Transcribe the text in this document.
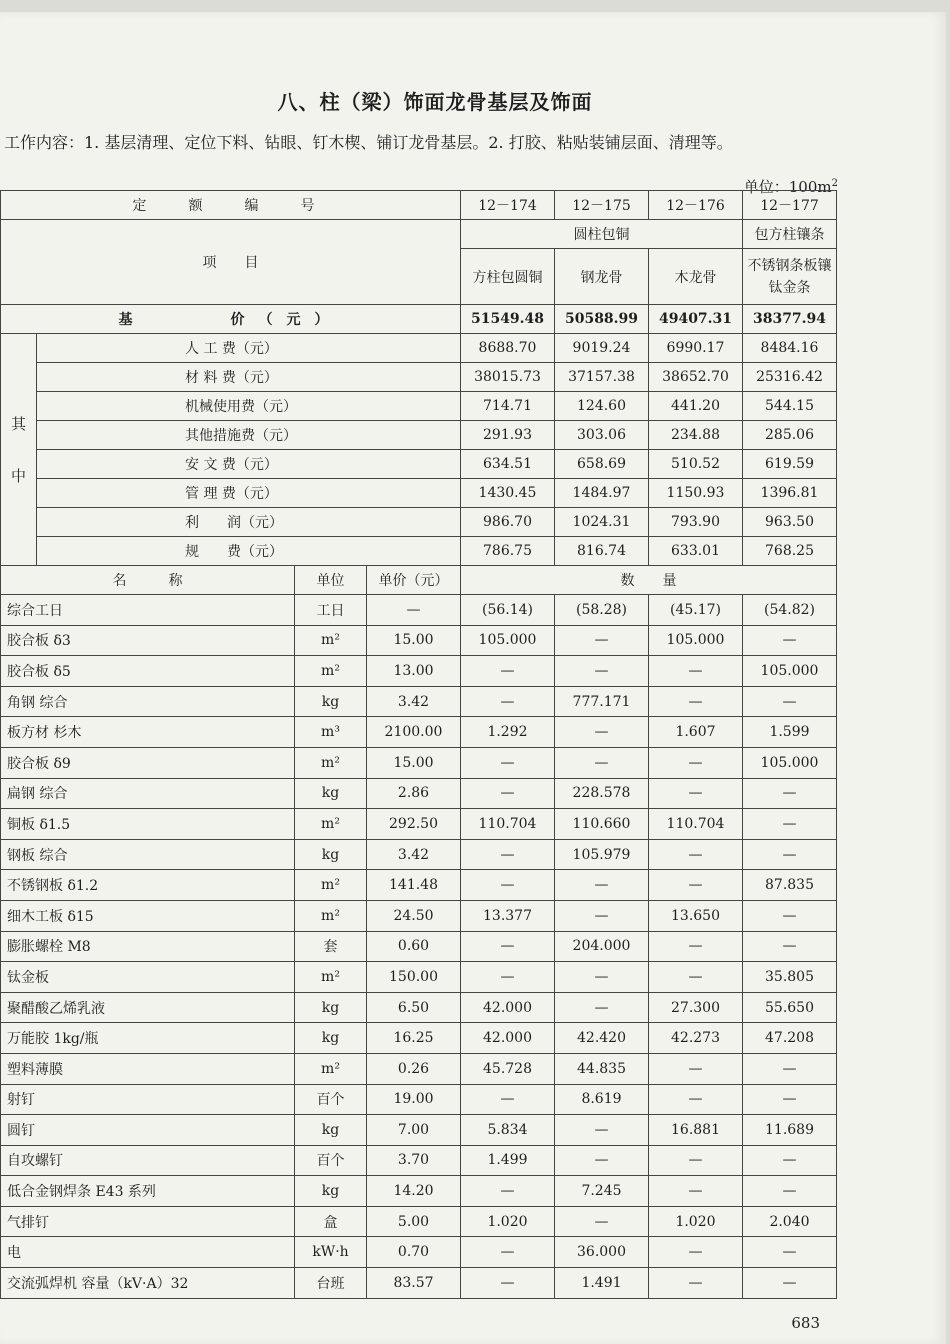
八、柱（梁）饰面龙骨基层及饰面
工作内容：1. 基层清理、定位下料、钻眼、钉木楔、铺订龙骨基层。2. 打胶、粘贴装铺层面、清理等。
单位：$100m^2$
定　额　编　号				12－174	12－175	12－176	12－177
项　　目				圆柱包铜			包方柱镶条
				方柱包圆铜	钢龙骨	木龙骨	不锈钢条板镶钛金条
基　　　价（元）				51549.48	50588.99	49407.31	38377.94

其
中	人 工 费（元）			8688.70	9019.24	6990.17	8484.16
	材 料 费（元）			38015.73	37157.38	38652.70	25316.42
	机械使用费（元）			714.71	124.60	441.20	544.15
	其他措施费（元）			291.93	303.06	234.88	285.06
	安 文 费（元）			634.51	658.69	510.52	619.59
	管 理 费（元）			1430.45	1484.97	1150.93	1396.81
	利　　润（元）			986.70	1024.31	793.90	963.50
	规　　费（元）			786.75	816.74	633.01	768.25
名　　　称		单位	单价（元）	数　　量			
综合工日		工日	—	(56.14)	(58.28)	(45.17)	(54.82)
胶合板 δ3		m²	15.00	105.000	—	105.000	—
胶合板 δ5		m²	13.00	—	—	—	105.000
角钢 综合		kg	3.42	—	777.171	—	—
板方材 杉木		m³	2100.00	1.292	—	1.607	1.599
胶合板 δ9		m²	15.00	—	—	—	105.000
扁钢 综合		kg	2.86	—	228.578	—	—
铜板 δ1.5		m²	292.50	110.704	110.660	110.704	—
钢板 综合		kg	3.42	—	105.979	—	—
不锈钢板 δ1.2		m²	141.48	—	—	—	87.835
细木工板 δ15		m²	24.50	13.377	—	13.650	—
膨胀螺栓 M8		套	0.60	—	204.000	—	—
钛金板		m²	150.00	—	—	—	35.805
聚醋酸乙烯乳液		kg	6.50	42.000	—	27.300	55.650
万能胶 1kg/瓶		kg	16.25	42.000	42.420	42.273	47.208
塑料薄膜		m²	0.26	45.728	44.835	—	—
射钉		百个	19.00	—	8.619	—	—
圆钉		kg	7.00	5.834	—	16.881	11.689
自攻螺钉		百个	3.70	1.499	—	—	—
低合金钢焊条 E43 系列		kg	14.20	—	7.245	—	—
气排钉		盒	5.00	1.020	—	1.020	2.040
电		kW·h	0.70	—	36.000	—	—
交流弧焊机 容量（kV·A）32		台班	83.57	—	1.491	—	—
683
